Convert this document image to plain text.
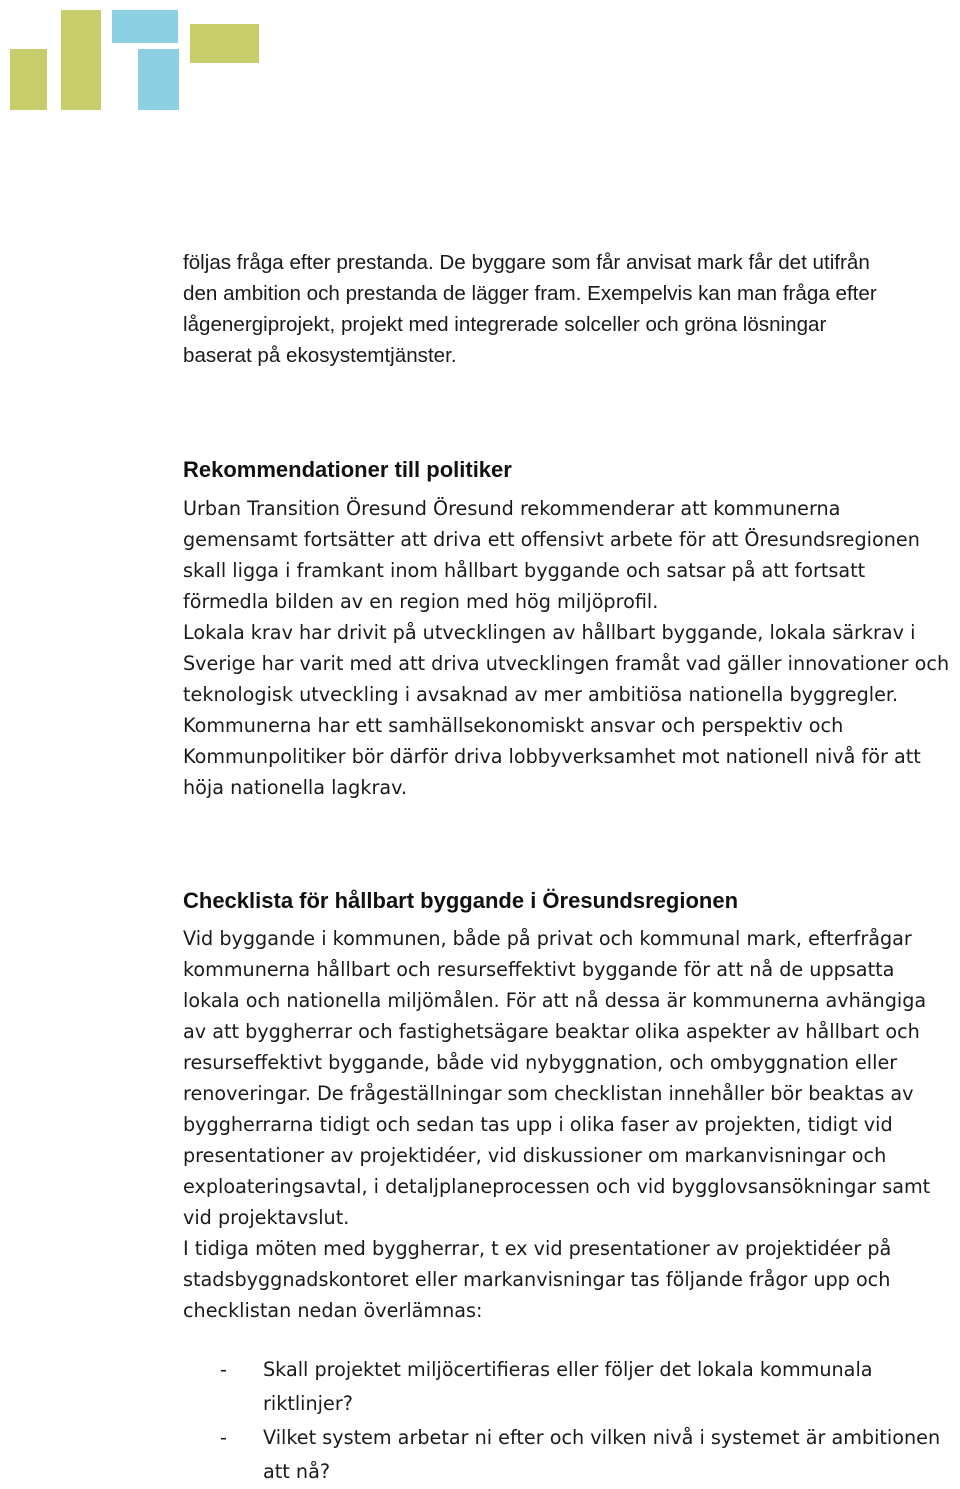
följas fråga efter prestanda. De byggare som får anvisat mark får det utifrån
den ambition och prestanda de lägger fram. Exempelvis kan man fråga efter
lågenergiprojekt, projekt med integrerade solceller och gröna lösningar
baserat på ekosystemtjänster.
Rekommendationer till politiker
Urban Transition Öresund Öresund rekommenderar att kommunerna
gemensamt fortsätter att driva ett offensivt arbete för att Öresundsregionen
skall ligga i framkant inom hållbart byggande och satsar på att fortsatt
förmedla bilden av en region med hög miljöprofil.
Lokala krav har drivit på utvecklingen av hållbart byggande, lokala särkrav i
Sverige har varit med att driva utvecklingen framåt vad gäller innovationer och
teknologisk utveckling i avsaknad av mer ambitiösa nationella byggregler.
Kommunerna har ett samhällsekonomiskt ansvar och perspektiv och
Kommunpolitiker bör därför driva lobbyverksamhet mot nationell nivå för att
höja nationella lagkrav.
Checklista för hållbart byggande i Öresundsregionen
Vid byggande i kommunen, både på privat och kommunal mark, efterfrågar
kommunerna hållbart och resurseffektivt byggande för att nå de uppsatta
lokala och nationella miljömålen. För att nå dessa är kommunerna avhängiga
av att byggherrar och fastighetsägare beaktar olika aspekter av hållbart och
resurseffektivt byggande, både vid nybyggnation, och ombyggnation eller
renoveringar. De frågeställningar som checklistan innehåller bör beaktas av
byggherrarna tidigt och sedan tas upp i olika faser av projekten, tidigt vid
presentationer av projektidéer, vid diskussioner om markanvisningar och
exploateringsavtal, i detaljplaneprocessen och vid bygglovsansökningar samt
vid projektavslut.
I tidiga möten med byggherrar, t ex vid presentationer av projektidéer på
stadsbyggnadskontoret eller markanvisningar tas följande frågor upp och
checklistan nedan överlämnas:
- Skall projektet miljöcertifieras eller följer det lokala kommunala
riktlinjer?
- Vilket system arbetar ni efter och vilken nivå i systemet är ambitionen
att nå?
